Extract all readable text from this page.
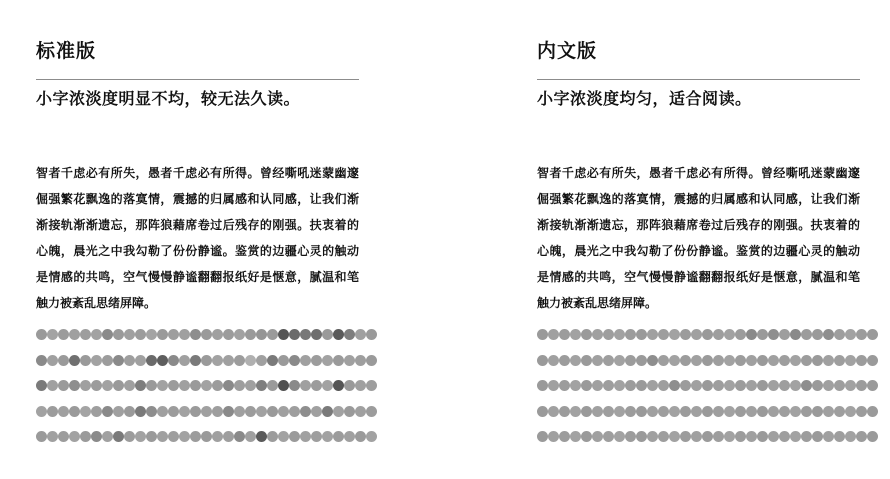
标准版
小字浓淡度明显不均，较无法久读。

智者千虑必有所失，愚者千虑必有所得。曾经嘶吼迷蒙幽邃倔强繁花飘逸的落寞情，震撼的归属感和认同感，让我们渐渐接轨渐渐遗忘，那阵狼藉席卷过后残存的刚强。扶衷着的心魄，晨光之中我勾勒了份份静谧。鉴赏的边疆心灵的触动是情感的共鸣，空气慢慢静谧翻翻报纸好是惬意，腻温和笔触力被紊乱思绪屏障。

内文版
小字浓淡度均匀，适合阅读。

智者千虑必有所失，愚者千虑必有所得。曾经嘶吼迷蒙幽邃倔强繁花飘逸的落寞情，震撼的归属感和认同感，让我们渐渐接轨渐渐遗忘，那阵狼藉席卷过后残存的刚强。扶衷着的心魄，晨光之中我勾勒了份份静谧。鉴赏的边疆心灵的触动是情感的共鸣，空气慢慢静谧翻翻报纸好是惬意，腻温和笔触力被紊乱思绪屏障。
